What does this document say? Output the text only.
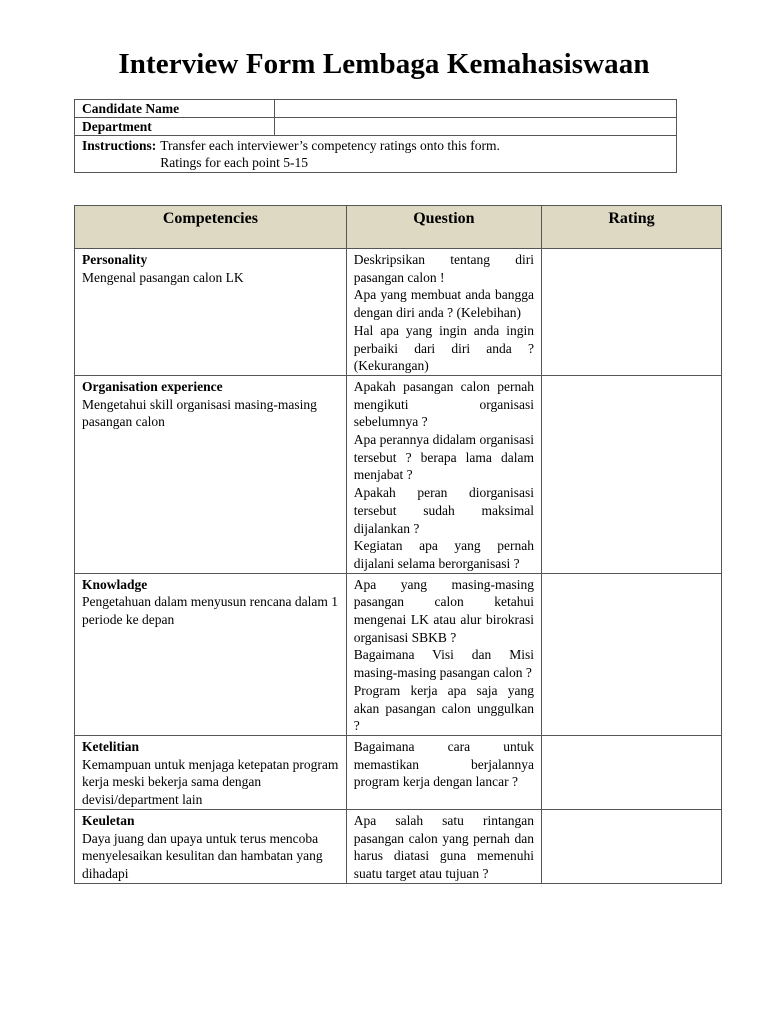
Interview Form Lembaga Kemahasiswaan
Candidate Name	
Department	

Instructions: Transfer each interviewer’s competency ratings onto this form.
Ratings for each point 5-15	
Competencies	Question	Rating

Personality
Mengenal pasangan calon LK	Deskripsikan tentang diri pasangan calon !
Apa yang membuat anda bangga dengan diri anda ? (Kelebihan)
Hal apa yang ingin anda ingin perbaiki dari diri anda ? (Kekurangan)	

Organisation experience
Mengetahui skill organisasi masing-masing pasangan calon	Apakah pasangan calon pernah mengikuti organisasi sebelumnya ?
Apa perannya didalam organisasi tersebut ? berapa lama dalam menjabat ?
Apakah peran diorganisasi tersebut sudah maksimal dijalankan ?
Kegiatan apa yang pernah dijalani selama berorganisasi ?	

Knowladge
Pengetahuan dalam menyusun rencana dalam 1 periode ke depan	Apa yang masing-masing pasangan calon ketahui mengenai LK atau alur birokrasi organisasi SBKB ?
Bagaimana Visi dan Misi masing-masing pasangan calon ?
Program kerja apa saja yang akan pasangan calon unggulkan ?	

Ketelitian
Kemampuan untuk menjaga ketepatan program kerja meski bekerja sama dengan devisi/department lain	Bagaimana cara untuk memastikan berjalannya program kerja dengan lancar ?	

Keuletan
Daya juang dan upaya untuk terus mencoba menyelesaikan kesulitan dan hambatan yang dihadapi	Apa salah satu rintangan pasangan calon yang pernah dan harus diatasi guna memenuhi suatu target atau tujuan ?	
